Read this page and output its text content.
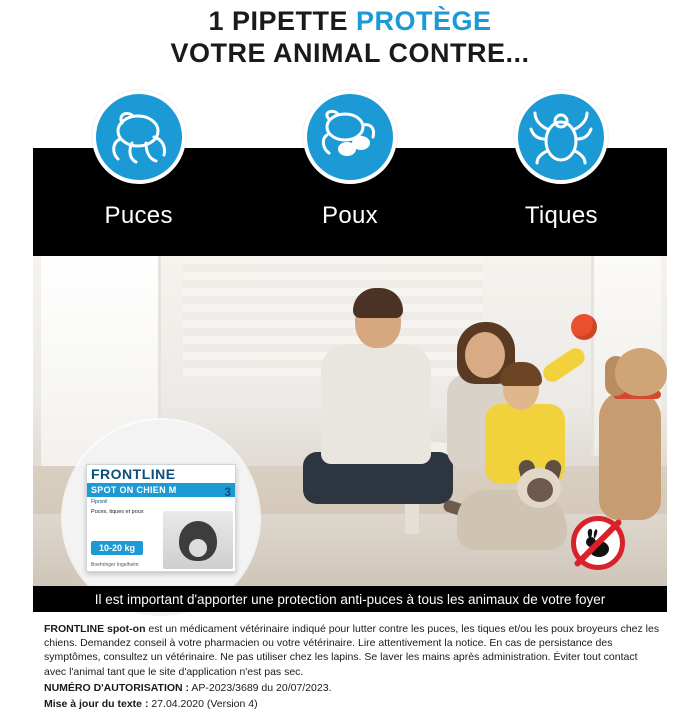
1 PIPETTE PROTÈGE
VOTRE ANIMAL CONTRE...
Puces	Poux	Tiques
FRONTLINE
SPOT ON CHIEN M
Fipronil
Puces, tiques et poux
3
10-20 kg
Boehringer Ingelheim
Il est important d'apporter une protection anti-puces à tous les animaux de votre foyer

FRONTLINE spot-on est un médicament vétérinaire indiqué pour lutter contre les puces, les tiques et/ou les poux broyeurs chez les chiens. Demandez conseil à votre pharmacien ou votre vétérinaire. Lire attentivement la notice. En cas de persistance des symptômes, consultez un vétérinaire. Ne pas utiliser chez les lapins. Se laver les mains après administration. Éviter tout contact avec l'animal tant que le site d'application n'est pas sec.

NUMÉRO D'AUTORISATION : AP-2023/3689 du 20/07/2023.

Mise à jour du texte : 27.04.2020 (Version 4)
